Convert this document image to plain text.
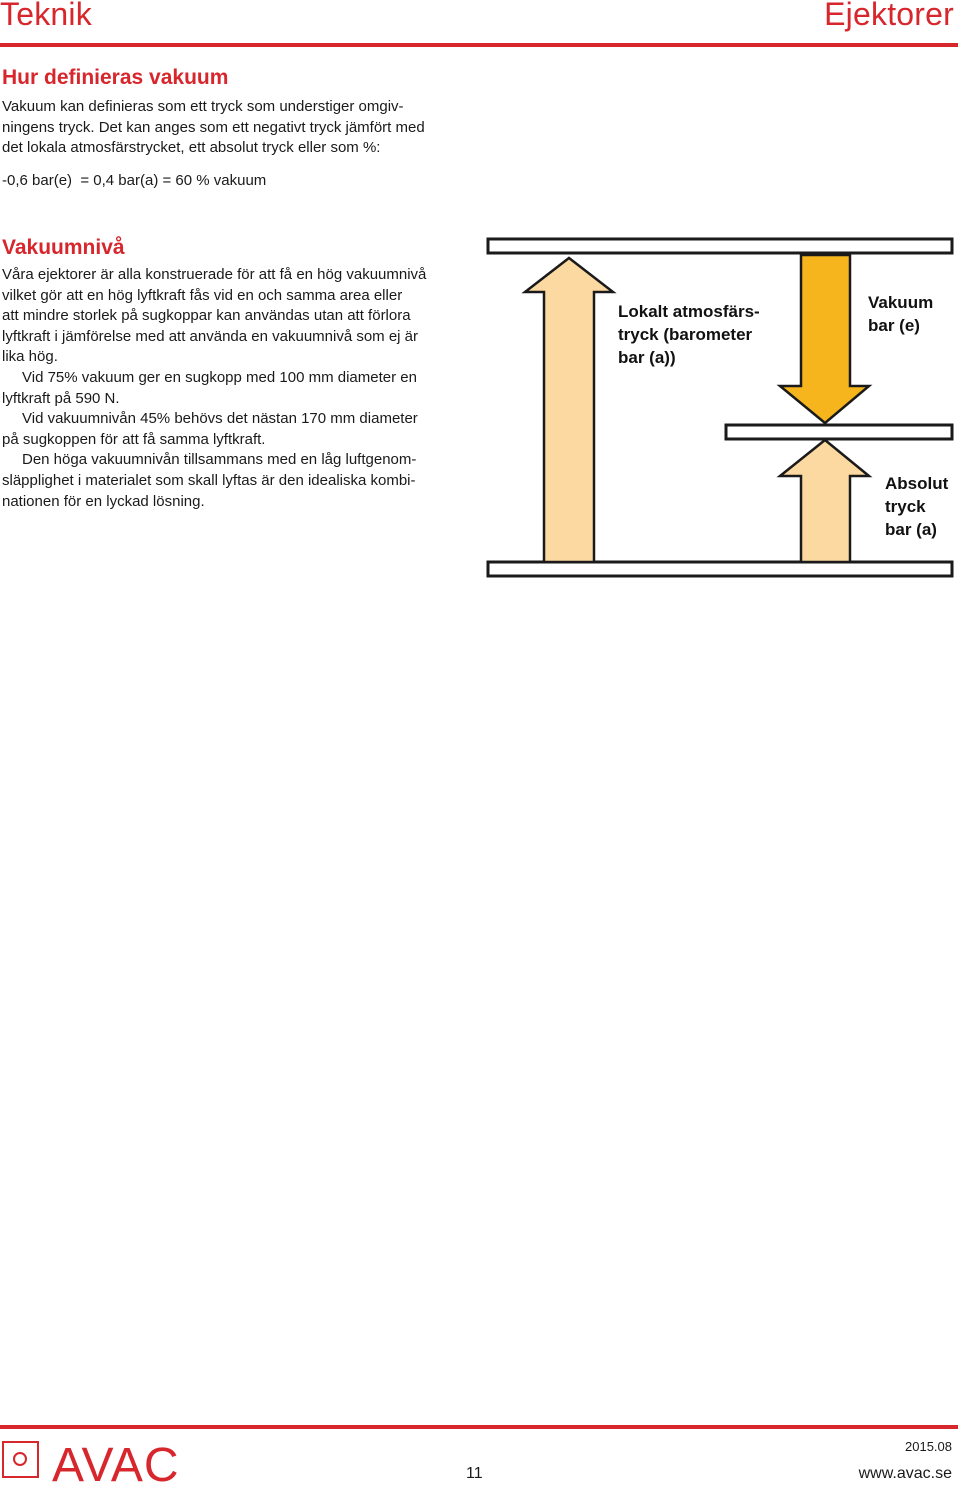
Teknik	Ejektorer
Hur definieras vakuum
Vakuum kan definieras som ett tryck som understiger omgiv-
ningens tryck. Det kan anges som ett negativt tryck jämfört med
det lokala atmosfärstrycket, ett absolut tryck eller som %:
-0,6 bar(e)  = 0,4 bar(a) = 60 % vakuum
Vakuumnivå
Våra ejektorer är alla konstruerade för att få en hög vakuumnivå
vilket gör att en hög lyftkraft fås vid en och samma area eller
att mindre storlek på sugkoppar kan användas utan att förlora
lyftkraft i jämförelse med att använda en vakuumnivå som ej är
lika hög.
Vid 75% vakuum ger en sugkopp med 100 mm diameter en
lyftkraft på 590 N.
Vid vakuumnivån 45% behövs det nästan 170 mm diameter
på sugkoppen för att få samma lyftkraft.
Den höga vakuumnivån tillsammans med en låg luftgenom-
släpplighet i materialet som skall lyftas är den idealiska kombi-
nationen för en lyckad lösning.
Lokalt atmosfärs-
tryck (barometer
bar (a))
Vakuum
bar (e)
Absolut
tryck
bar (a)
AVAC	11
2015.08
www.avac.se
